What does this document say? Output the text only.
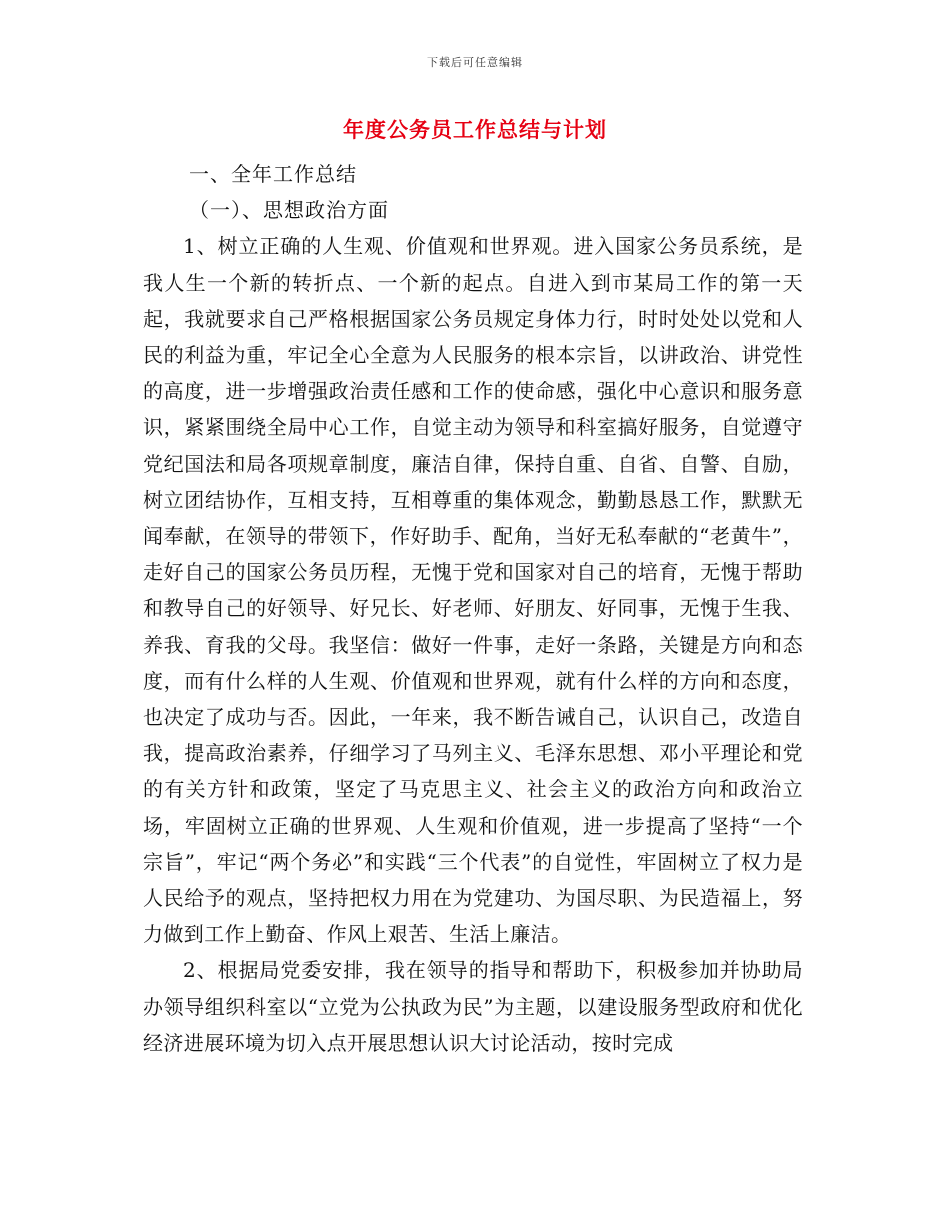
下载后可任意编辑
年度公务员工作总结与计划

一、全年工作总结

（一）、思想政治方面

1、树立正确的人生观、价值观和世界观。进入国家公务员系统，是我人生一个新的转折点、一个新的起点。自进入到市某局工作的第一天起，我就要求自己严格根据国家公务员规定身体力行，时时处处以党和人民的利益为重，牢记全心全意为人民服务的根本宗旨，以讲政治、讲党性的高度，进一步增强政治责任感和工作的使命感，强化中心意识和服务意识，紧紧围绕全局中心工作，自觉主动为领导和科室搞好服务，自觉遵守党纪国法和局各项规章制度，廉洁自律，保持自重、自省、自警、自励，树立团结协作，互相支持，互相尊重的集体观念，勤勤恳恳工作，默默无闻奉献，在领导的带领下，作好助手、配角，当好无私奉献的“老黄牛”，走好自己的国家公务员历程，无愧于党和国家对自己的培育，无愧于帮助和教导自己的好领导、好兄长、好老师、好朋友、好同事，无愧于生我、养我、育我的父母。我坚信：做好一件事，走好一条路，关键是方向和态度，而有什么样的人生观、价值观和世界观，就有什么样的方向和态度，也决定了成功与否。因此，一年来，我不断告诫自己，认识自己，改造自我，提高政治素养，仔细学习了马列主义、毛泽东思想、邓小平理论和党的有关方针和政策，坚定了马克思主义、社会主义的政治方向和政治立场，牢固树立正确的世界观、人生观和价值观，进一步提高了坚持“一个宗旨”，牢记“两个务必”和实践“三个代表”的自觉性，牢固树立了权力是人民给予的观点，坚持把权力用在为党建功、为国尽职、为民造福上，努力做到工作上勤奋、作风上艰苦、生活上廉洁。

2、根据局党委安排，我在领导的指导和帮助下，积极参加并协助局办领导组织科室以“立党为公执政为民”为主题，以建设服务型政府和优化经济进展环境为切入点开展思想认识大讨论活动，按时完成
